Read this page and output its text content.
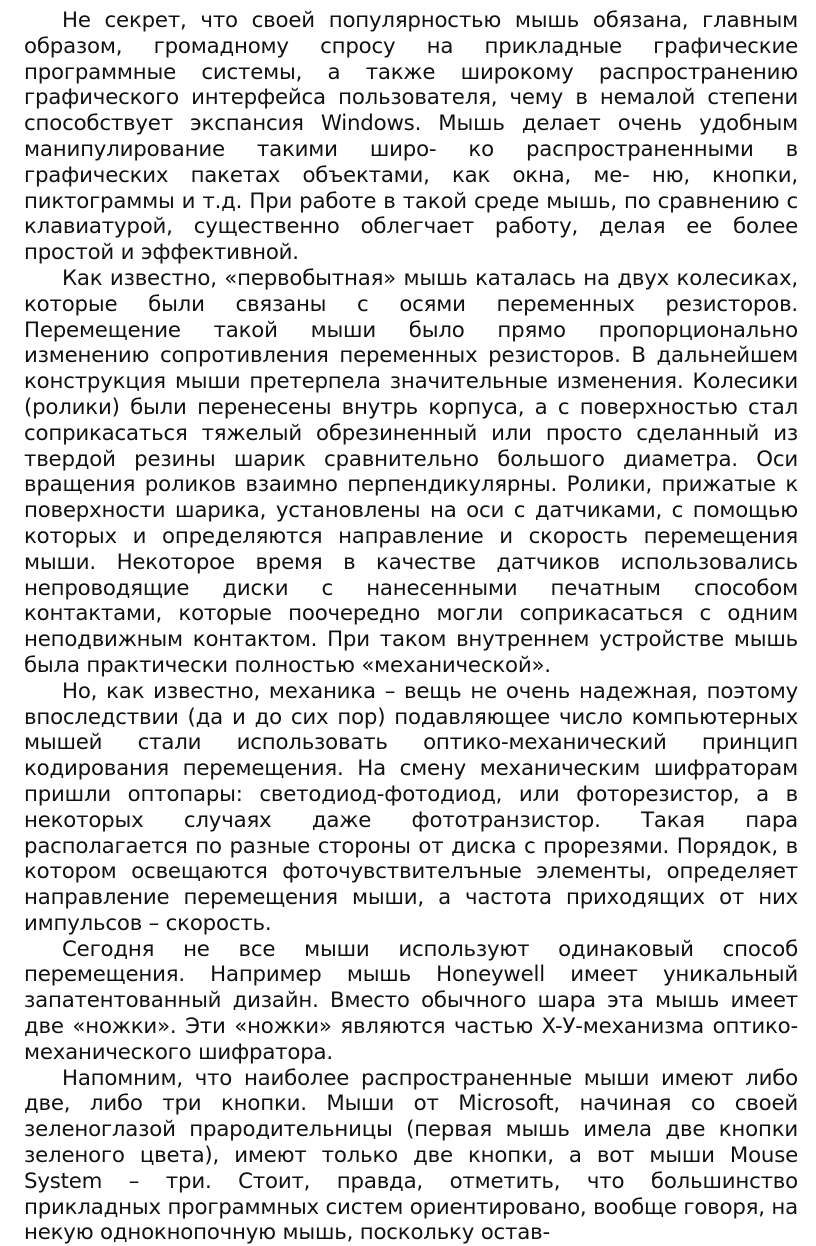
Не секрет, что своей популярностью мышь обязана, главным образом, громадному спросу на прикладные графические программные системы, а также широкому распространению графического интерфейса пользователя, чему в немалой степени способствует экспансия Windows. Мышь делает очень удобным манипулирование такими широ- ко распространенными в графических пакетах объектами, как окна, ме- ню, кнопки, пиктограммы и т.д. При работе в такой среде мышь, по сравнению с клавиатурой, существенно облегчает работу, делая ее более простой и эффективной.

Как известно, «первобытная» мышь каталась на двух колесиках, которые были связаны с осями переменных резисторов. Перемещение такой мыши было прямо пропорционально изменению сопротивления переменных резисторов. В дальнейшем конструкция мыши претерпела значительные изменения. Колесики (ролики) были перенесены внутрь корпуса, а с поверхностью стал соприкасаться тяжелый обрезиненный или просто сделанный из твердой резины шарик сравнительно большого диаметра. Оси вращения роликов взаимно перпендикулярны. Ролики, прижатые к поверхности шарика, установлены на оси с датчиками, с помощью которых и определяются направление и скорость перемещения мыши. Некоторое время в качестве датчиков использовались непроводящие диски с нанесенными печатным способом контактами, которые поочередно могли соприкасаться с одним неподвижным контактом. При таком внутреннем устройстве мышь была практически полностью «механической».

Но, как известно, механика – вещь не очень надежная, поэтому впоследствии (да и до сих пор) подавляющее число компьютерных мышей стали использовать оптико-механический принцип кодирования перемещения. На смену механическим шифраторам пришли оптопары: светодиод-фотодиод, или фоторезистор, а в некоторых случаях даже фототранзистор. Такая пара располагается по разные стороны от диска с прорезями. Порядок, в котором освещаются фоточувствителъные элементы, определяет направление перемещения мыши, а частота приходящих от них импульсов – скорость.

Сегодня не все мыши используют одинаковый способ перемещения. Например мышь Honeywell имеет уникальный запатентованный дизайн. Вместо обычного шара эта мышь имеет две «ножки». Эти «ножки» являются частью X-У-механизма оптико-механического шифратора.

Напомним, что наиболее распространенные мыши имеют либо две, либо три кнопки. Мыши от Microsoft, начиная со своей зеленоглазой прародительницы (первая мышь имела две кнопки зеленого цвета), имеют только две кнопки, а вот мыши Mouse System – три. Стоит, правда, отметить, что большинство прикладных программных систем ориентировано, вообще говоря, на некую однокнопочную мышь, поскольку остав-
